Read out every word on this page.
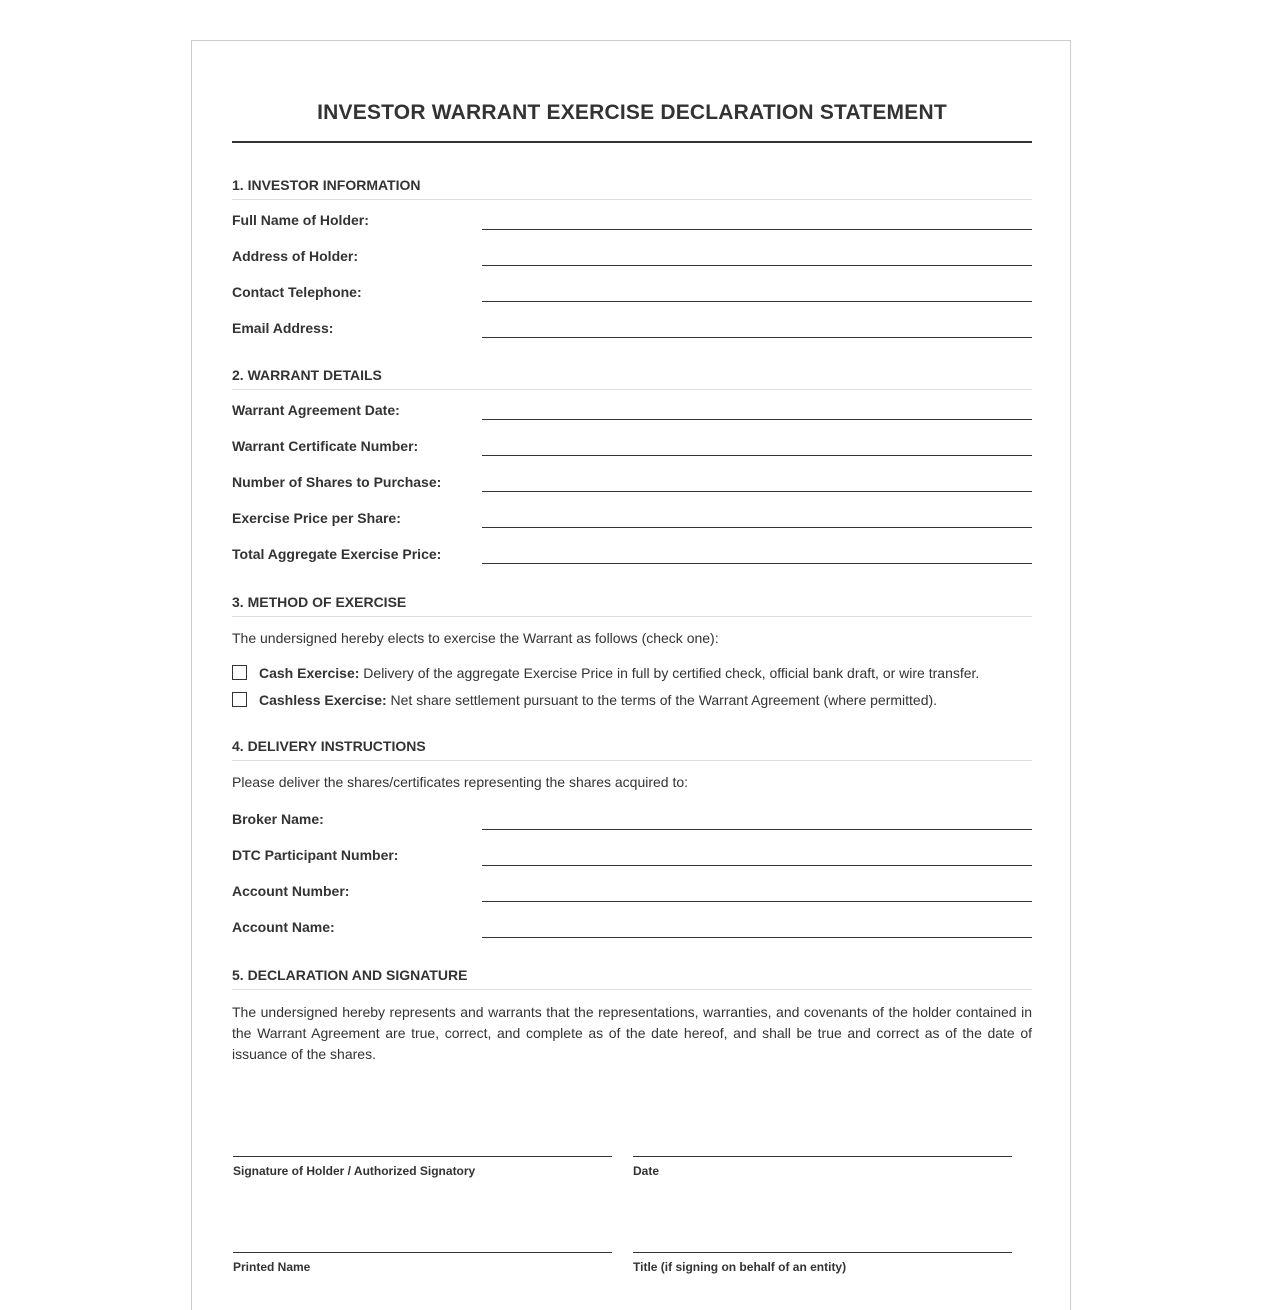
INVESTOR WARRANT EXERCISE DECLARATION STATEMENT
1. INVESTOR INFORMATION
Full Name of Holder:
Address of Holder:
Contact Telephone:
Email Address:
2. WARRANT DETAILS
Warrant Agreement Date:
Warrant Certificate Number:
Number of Shares to Purchase:
Exercise Price per Share:
Total Aggregate Exercise Price:
3. METHOD OF EXERCISE
The undersigned hereby elects to exercise the Warrant as follows (check one):
Cash Exercise: Delivery of the aggregate Exercise Price in full by certified check, official bank draft, or wire transfer.
Cashless Exercise: Net share settlement pursuant to the terms of the Warrant Agreement (where permitted).
4. DELIVERY INSTRUCTIONS
Please deliver the shares/certificates representing the shares acquired to:
Broker Name:
DTC Participant Number:
Account Number:
Account Name:
5. DECLARATION AND SIGNATURE
The undersigned hereby represents and warrants that the representations, warranties, and covenants of the holder contained in the Warrant Agreement are true, correct, and complete as of the date hereof, and shall be true and correct as of the date of issuance of the shares.
Signature of Holder / Authorized Signatory	Date
Printed Name	Title (if signing on behalf of an entity)
